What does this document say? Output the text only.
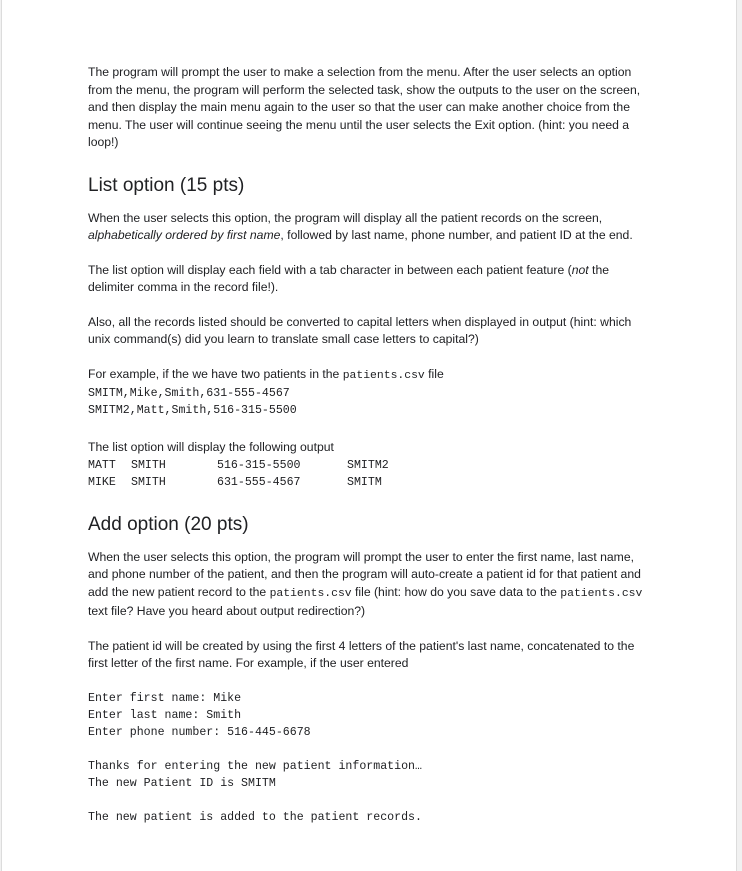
The program will prompt the user to make a selection from the menu. After the user selects an option from the menu, the program will perform the selected task, show the outputs to the user on the screen, and then display the main menu again to the user so that the user can make another choice from the menu. The user will continue seeing the menu until the user selects the Exit option. (hint: you need a loop!)

List option (15 pts)

When the user selects this option, the program will display all the patient records on the screen, alphabetically ordered by first name, followed by last name, phone number, and patient ID at the end.

The list option will display each field with a tab character in between each patient feature (not the delimiter comma in the record file!).

Also, all the records listed should be converted to capital letters when displayed in output (hint: which unix command(s) did you learn to translate small case letters to capital?)

For example, if the we have two patients in the patients.csv file

SMITM,Mike,Smith,631-555-4567
SMITM2,Matt,Smith,516-315-5500

The list option will display the following output

MATT	SMITH	516-315-5500	SMITM2
MIKE	SMITH	631-555-4567	SMITM
Add option (20 pts)

When the user selects this option, the program will prompt the user to enter the first name, last name, and phone number of the patient, and then the program will auto-create a patient id for that patient and add the new patient record to the patients.csv file (hint: how do you save data to the patients.csv text file? Have you heard about output redirection?)

The patient id will be created by using the first 4 letters of the patient's last name, concatenated to the first letter of the first name. For example, if the user entered

Enter first name: Mike
Enter last name: Smith
Enter phone number: 516-445-6678
Thanks for entering the new patient information…
The new Patient ID is SMITM
The new patient is added to the patient records.
